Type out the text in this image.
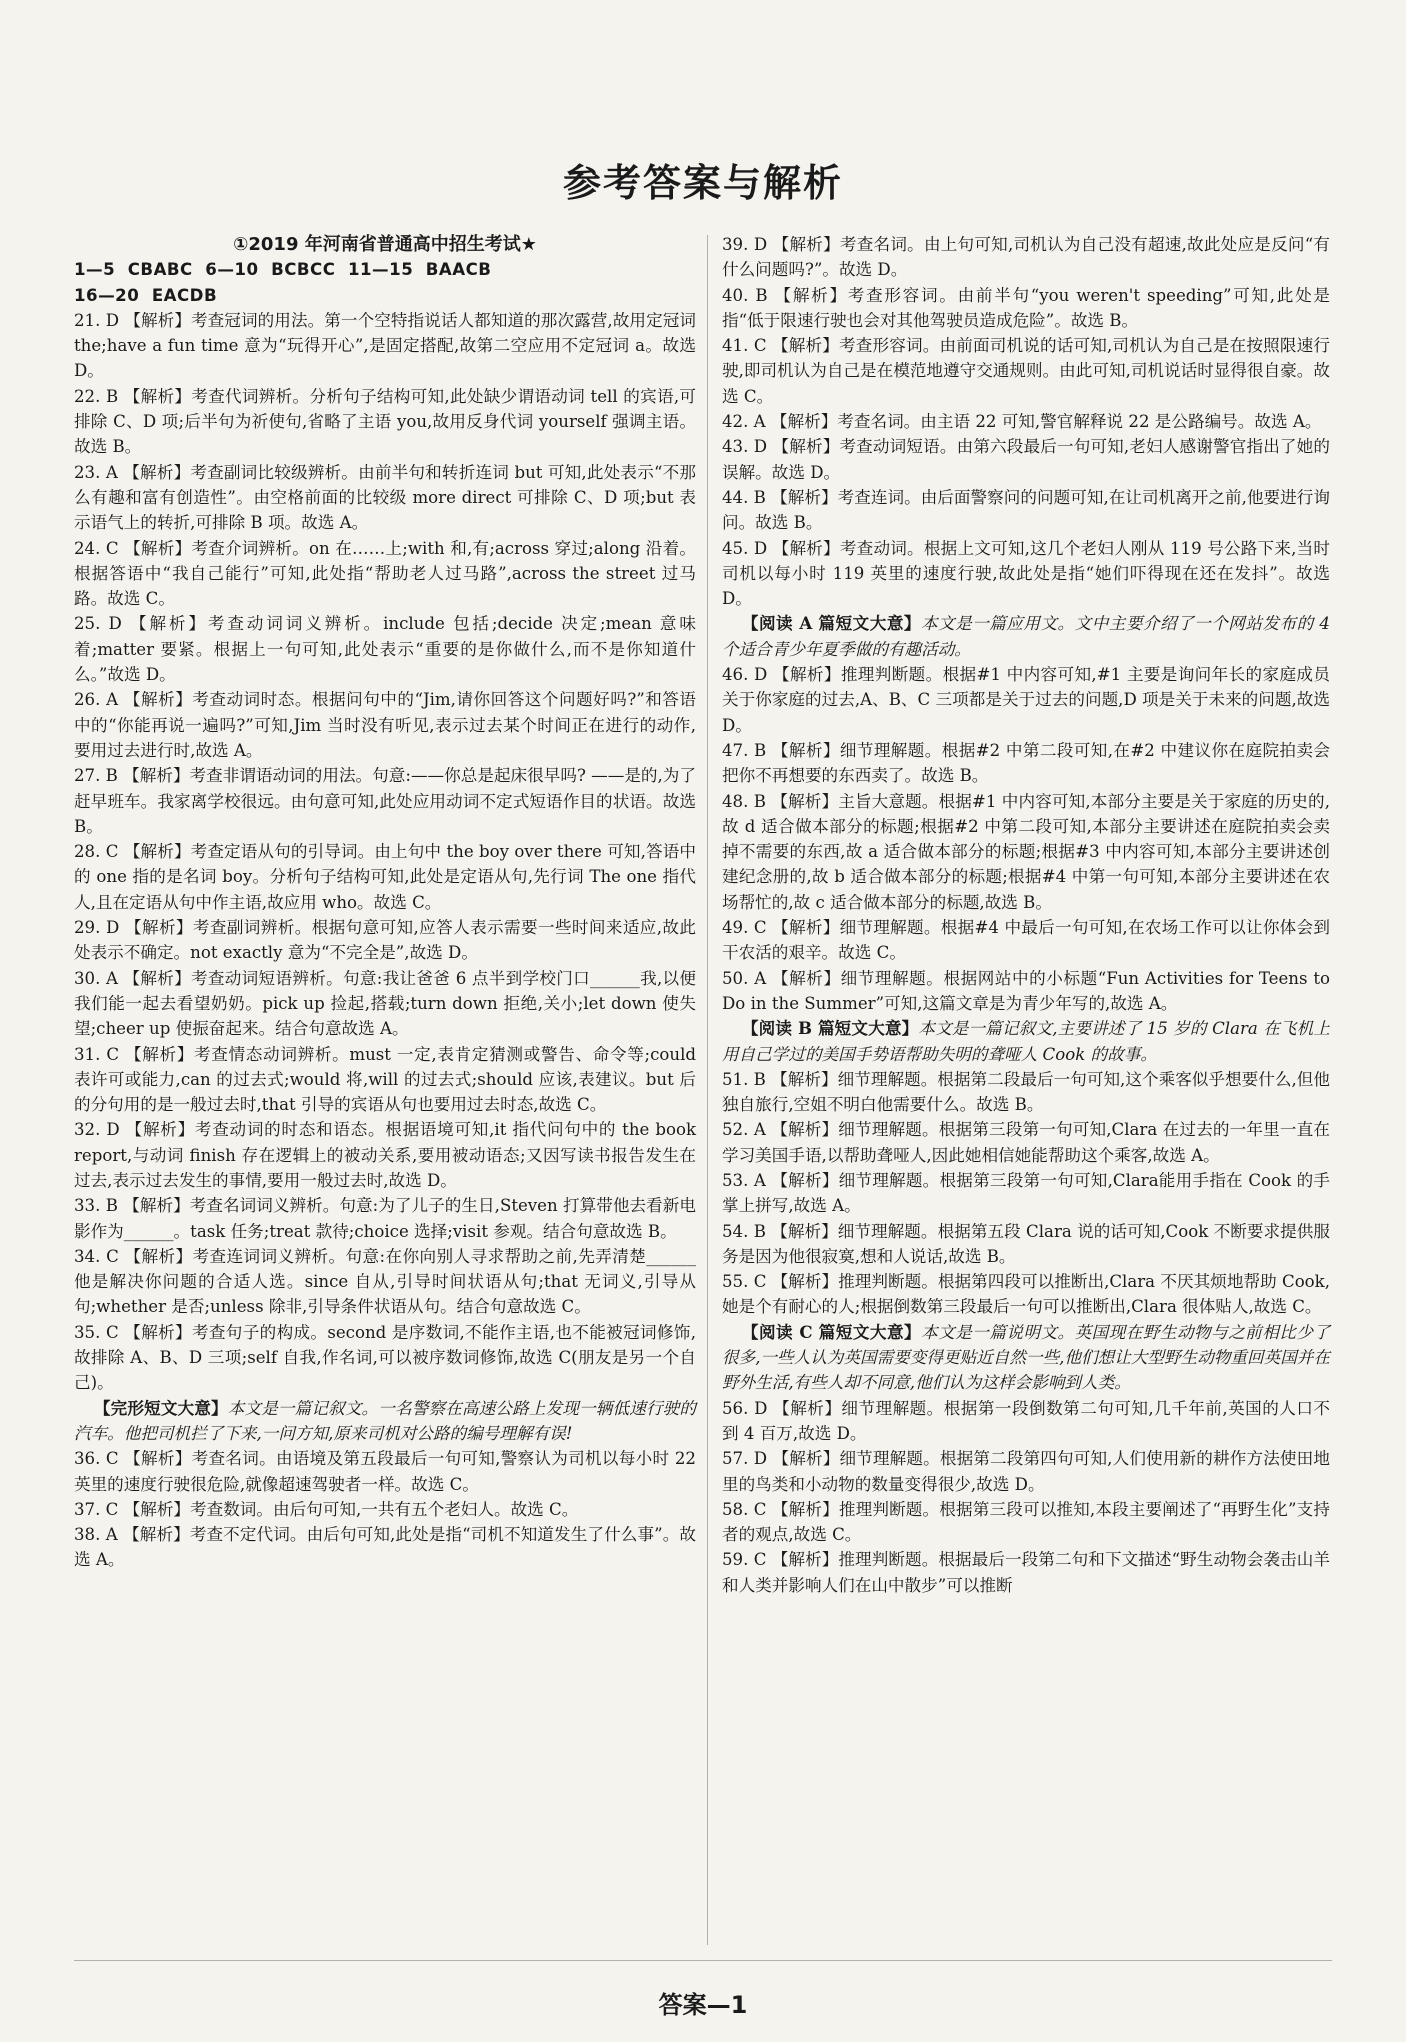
参考答案与解析
①2019 年河南省普通高中招生考试★
1—5  CBABC  6—10  BCBCC  11—15  BAACB
16—20  EACDB

21. D 【解析】考查冠词的用法。第一个空特指说话人都知道的那次露营,故用定冠词 the;have a fun time 意为“玩得开心”,是固定搭配,故第二空应用不定冠词 a。故选 D。

22. B 【解析】考查代词辨析。分析句子结构可知,此处缺少谓语动词 tell 的宾语,可排除 C、D 项;后半句为祈使句,省略了主语 you,故用反身代词 yourself 强调主语。故选 B。

23. A 【解析】考查副词比较级辨析。由前半句和转折连词 but 可知,此处表示“不那么有趣和富有创造性”。由空格前面的比较级 more direct 可排除 C、D 项;but 表示语气上的转折,可排除 B 项。故选 A。

24. C 【解析】考查介词辨析。on 在……上;with 和,有;across 穿过;along 沿着。根据答语中“我自己能行”可知,此处指“帮助老人过马路”,across the street 过马路。故选 C。

25. D 【解析】考查动词词义辨析。include 包括;decide 决定;mean 意味着;matter 要紧。根据上一句可知,此处表示“重要的是你做什么,而不是你知道什么。”故选 D。

26. A 【解析】考查动词时态。根据问句中的“Jim,请你回答这个问题好吗?”和答语中的“你能再说一遍吗?”可知,Jim 当时没有听见,表示过去某个时间正在进行的动作,要用过去进行时,故选 A。

27. B 【解析】考查非谓语动词的用法。句意:——你总是起床很早吗? ——是的,为了赶早班车。我家离学校很远。由句意可知,此处应用动词不定式短语作目的状语。故选 B。

28. C 【解析】考查定语从句的引导词。由上句中 the boy over there 可知,答语中的 one 指的是名词 boy。分析句子结构可知,此处是定语从句,先行词 The one 指代人,且在定语从句中作主语,故应用 who。故选 C。

29. D 【解析】考查副词辨析。根据句意可知,应答人表示需要一些时间来适应,故此处表示不确定。not exactly 意为“不完全是”,故选 D。

30. A 【解析】考查动词短语辨析。句意:我让爸爸 6 点半到学校门口______我,以便我们能一起去看望奶奶。pick up 捡起,搭载;turn down 拒绝,关小;let down 使失望;cheer up 使振奋起来。结合句意故选 A。

31. C 【解析】考查情态动词辨析。must 一定,表肯定猜测或警告、命令等;could 表许可或能力,can 的过去式;would 将,will 的过去式;should 应该,表建议。but 后的分句用的是一般过去时,that 引导的宾语从句也要用过去时态,故选 C。

32. D 【解析】考查动词的时态和语态。根据语境可知,it 指代问句中的 the book report,与动词 finish 存在逻辑上的被动关系,要用被动语态;又因写读书报告发生在过去,表示过去发生的事情,要用一般过去时,故选 D。

33. B 【解析】考查名词词义辨析。句意:为了儿子的生日,Steven 打算带他去看新电影作为______。task 任务;treat 款待;choice 选择;visit 参观。结合句意故选 B。

34. C 【解析】考查连词词义辨析。句意:在你向别人寻求帮助之前,先弄清楚______他是解决你问题的合适人选。since 自从,引导时间状语从句;that 无词义,引导从句;whether 是否;unless 除非,引导条件状语从句。结合句意故选 C。

35. C 【解析】考查句子的构成。second 是序数词,不能作主语,也不能被冠词修饰,故排除 A、B、D 三项;self 自我,作名词,可以被序数词修饰,故选 C(朋友是另一个自己)。

【完形短文大意】本文是一篇记叙文。一名警察在高速公路上发现一辆低速行驶的汽车。他把司机拦了下来,一问方知,原来司机对公路的编号理解有误!

36. C 【解析】考查名词。由语境及第五段最后一句可知,警察认为司机以每小时 22 英里的速度行驶很危险,就像超速驾驶者一样。故选 C。

37. C 【解析】考查数词。由后句可知,一共有五个老妇人。故选 C。

38. A 【解析】考查不定代词。由后句可知,此处是指“司机不知道发生了什么事”。故选 A。

39. D 【解析】考查名词。由上句可知,司机认为自己没有超速,故此处应是反问“有什么问题吗?”。故选 D。

40. B 【解析】考查形容词。由前半句“you weren't speeding”可知,此处是指“低于限速行驶也会对其他驾驶员造成危险”。故选 B。

41. C 【解析】考查形容词。由前面司机说的话可知,司机认为自己是在按照限速行驶,即司机认为自己是在模范地遵守交通规则。由此可知,司机说话时显得很自豪。故选 C。

42. A 【解析】考查名词。由主语 22 可知,警官解释说 22 是公路编号。故选 A。

43. D 【解析】考查动词短语。由第六段最后一句可知,老妇人感谢警官指出了她的误解。故选 D。

44. B 【解析】考查连词。由后面警察问的问题可知,在让司机离开之前,他要进行询问。故选 B。

45. D 【解析】考查动词。根据上文可知,这几个老妇人刚从 119 号公路下来,当时司机以每小时 119 英里的速度行驶,故此处是指“她们吓得现在还在发抖”。故选 D。

【阅读 A 篇短文大意】本文是一篇应用文。文中主要介绍了一个网站发布的 4 个适合青少年夏季做的有趣活动。

46. D 【解析】推理判断题。根据#1 中内容可知,#1 主要是询问年长的家庭成员关于你家庭的过去,A、B、C 三项都是关于过去的问题,D 项是关于未来的问题,故选 D。

47. B 【解析】细节理解题。根据#2 中第二段可知,在#2 中建议你在庭院拍卖会把你不再想要的东西卖了。故选 B。

48. B 【解析】主旨大意题。根据#1 中内容可知,本部分主要是关于家庭的历史的,故 d 适合做本部分的标题;根据#2 中第二段可知,本部分主要讲述在庭院拍卖会卖掉不需要的东西,故 a 适合做本部分的标题;根据#3 中内容可知,本部分主要讲述创建纪念册的,故 b 适合做本部分的标题;根据#4 中第一句可知,本部分主要讲述在农场帮忙的,故 c 适合做本部分的标题,故选 B。

49. C 【解析】细节理解题。根据#4 中最后一句可知,在农场工作可以让你体会到干农活的艰辛。故选 C。

50. A 【解析】细节理解题。根据网站中的小标题“Fun Activities for Teens to Do in the Summer”可知,这篇文章是为青少年写的,故选 A。

【阅读 B 篇短文大意】本文是一篇记叙文,主要讲述了 15 岁的 Clara 在飞机上用自己学过的美国手势语帮助失明的聋哑人 Cook 的故事。

51. B 【解析】细节理解题。根据第二段最后一句可知,这个乘客似乎想要什么,但他独自旅行,空姐不明白他需要什么。故选 B。

52. A 【解析】细节理解题。根据第三段第一句可知,Clara 在过去的一年里一直在学习美国手语,以帮助聋哑人,因此她相信她能帮助这个乘客,故选 A。

53. A 【解析】细节理解题。根据第三段第一句可知,Clara能用手指在 Cook 的手掌上拼写,故选 A。

54. B 【解析】细节理解题。根据第五段 Clara 说的话可知,Cook 不断要求提供服务是因为他很寂寞,想和人说话,故选 B。

55. C 【解析】推理判断题。根据第四段可以推断出,Clara 不厌其烦地帮助 Cook,她是个有耐心的人;根据倒数第三段最后一句可以推断出,Clara 很体贴人,故选 C。

【阅读 C 篇短文大意】本文是一篇说明文。英国现在野生动物与之前相比少了很多,一些人认为英国需要变得更贴近自然一些,他们想让大型野生动物重回英国并在野外生活,有些人却不同意,他们认为这样会影响到人类。

56. D 【解析】细节理解题。根据第一段倒数第二句可知,几千年前,英国的人口不到 4 百万,故选 D。

57. D 【解析】细节理解题。根据第二段第四句可知,人们使用新的耕作方法使田地里的鸟类和小动物的数量变得很少,故选 D。

58. C 【解析】推理判断题。根据第三段可以推知,本段主要阐述了“再野生化”支持者的观点,故选 C。

59. C 【解析】推理判断题。根据最后一段第二句和下文描述“野生动物会袭击山羊和人类并影响人们在山中散步”可以推断

答案—1
